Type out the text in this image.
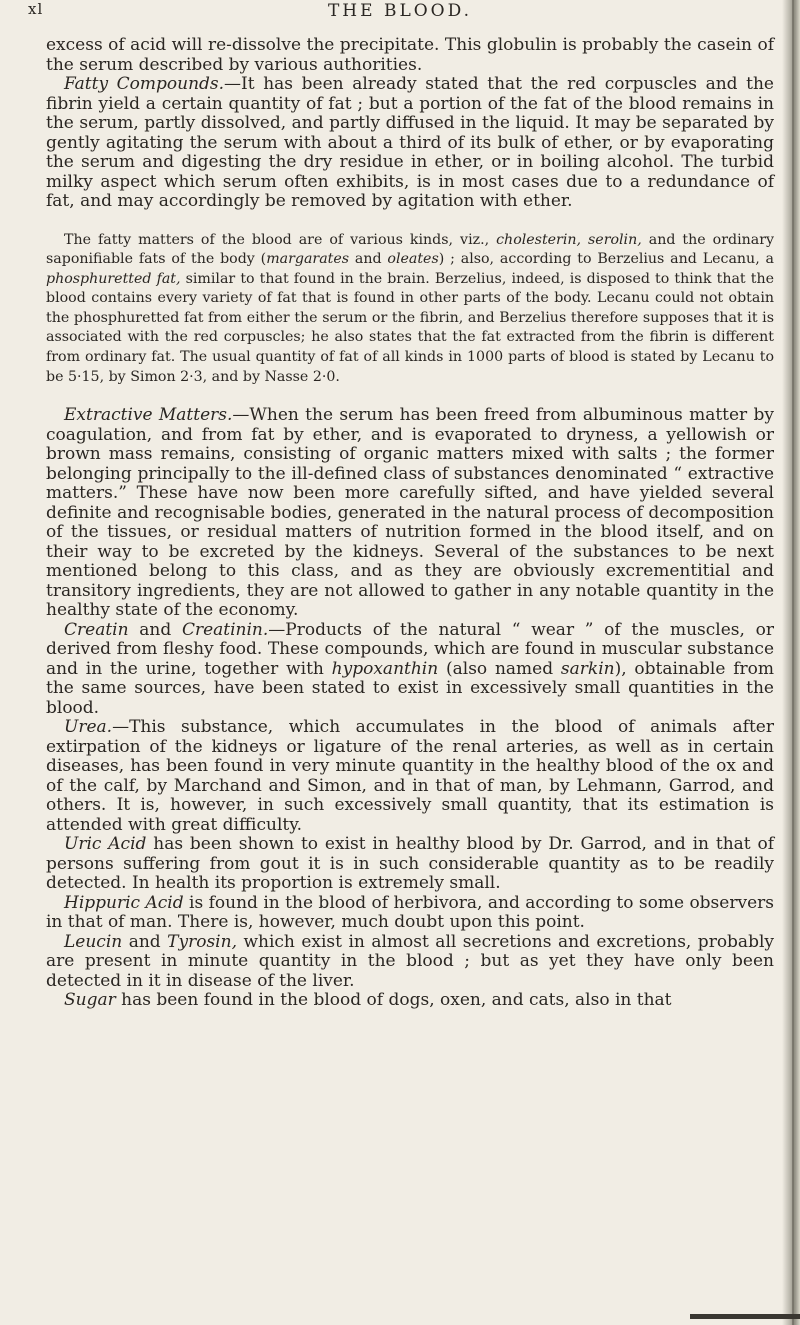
xl	THE BLOOD.

excess of acid will re-dissolve the precipitate. This globulin is probably the casein of the serum described by various authorities.

Fatty Compounds.—It has been already stated that the red corpuscles and the fibrin yield a certain quantity of fat ; but a portion of the fat of the blood remains in the serum, partly dissolved, and partly diffused in the liquid. It may be separated by gently agitating the serum with about a third of its bulk of ether, or by evaporating the serum and digesting the dry residue in ether, or in boiling alcohol. The turbid milky aspect which serum often exhibits, is in most cases due to a redundance of fat, and may accordingly be removed by agitation with ether.

The fatty matters of the blood are of various kinds, viz., cholesterin, serolin, and the ordinary saponifiable fats of the body (margarates and oleates) ; also, according to Berzelius and Lecanu, a phosphuretted fat, similar to that found in the brain. Berzelius, indeed, is disposed to think that the blood contains every variety of fat that is found in other parts of the body. Lecanu could not obtain the phosphuretted fat from either the serum or the fibrin, and Berzelius therefore supposes that it is associated with the red corpuscles; he also states that the fat extracted from the fibrin is different from ordinary fat. The usual quantity of fat of all kinds in 1000 parts of blood is stated by Lecanu to be 5·15, by Simon 2·3, and by Nasse 2·0.

Extractive Matters.—When the serum has been freed from albuminous matter by coagulation, and from fat by ether, and is evaporated to dryness, a yellowish or brown mass remains, consisting of organic matters mixed with salts ; the former belonging principally to the ill-defined class of substances denominated “ extractive matters.” These have now been more carefully sifted, and have yielded several definite and recognisable bodies, generated in the natural process of decomposition of the tissues, or residual matters of nutrition formed in the blood itself, and on their way to be excreted by the kidneys. Several of the substances to be next mentioned belong to this class, and as they are obviously excrementitial and transitory ingredients, they are not allowed to gather in any notable quantity in the healthy state of the economy.

Creatin and Creatinin.—Products of the natural “ wear ” of the muscles, or derived from fleshy food. These compounds, which are found in muscular substance and in the urine, together with hypoxanthin (also named sarkin), obtainable from the same sources, have been stated to exist in excessively small quantities in the blood.

Urea.—This substance, which accumulates in the blood of animals after extirpation of the kidneys or ligature of the renal arteries, as well as in certain diseases, has been found in very minute quantity in the healthy blood of the ox and of the calf, by Marchand and Simon, and in that of man, by Lehmann, Garrod, and others. It is, however, in such excessively small quantity, that its estimation is attended with great difficulty.

Uric Acid has been shown to exist in healthy blood by Dr. Garrod, and in that of persons suffering from gout it is in such considerable quantity as to be readily detected. In health its proportion is extremely small.

Hippuric Acid is found in the blood of herbivora, and according to some observers in that of man. There is, however, much doubt upon this point.

Leucin and Tyrosin, which exist in almost all secretions and excretions, probably are present in minute quantity in the blood ; but as yet they have only been detected in it in disease of the liver.

Sugar has been found in the blood of dogs, oxen, and cats, also in that
